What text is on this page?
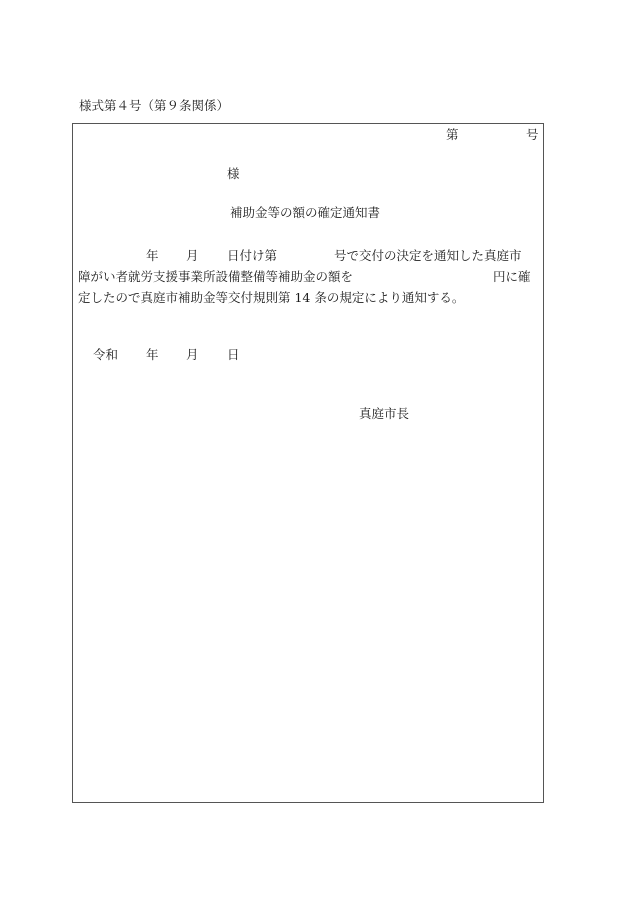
様式第４号（第９条関係）
第	号
様
補助金等の額の確定通知書
年 月 日付け第	号で交付の決定を通知した真庭市
障がい者就労支援事業所設備整備等補助金の額を	円に確
定したので真庭市補助金等交付規則第 14 条の規定により通知する。
令和 年 月 日
真庭市長
